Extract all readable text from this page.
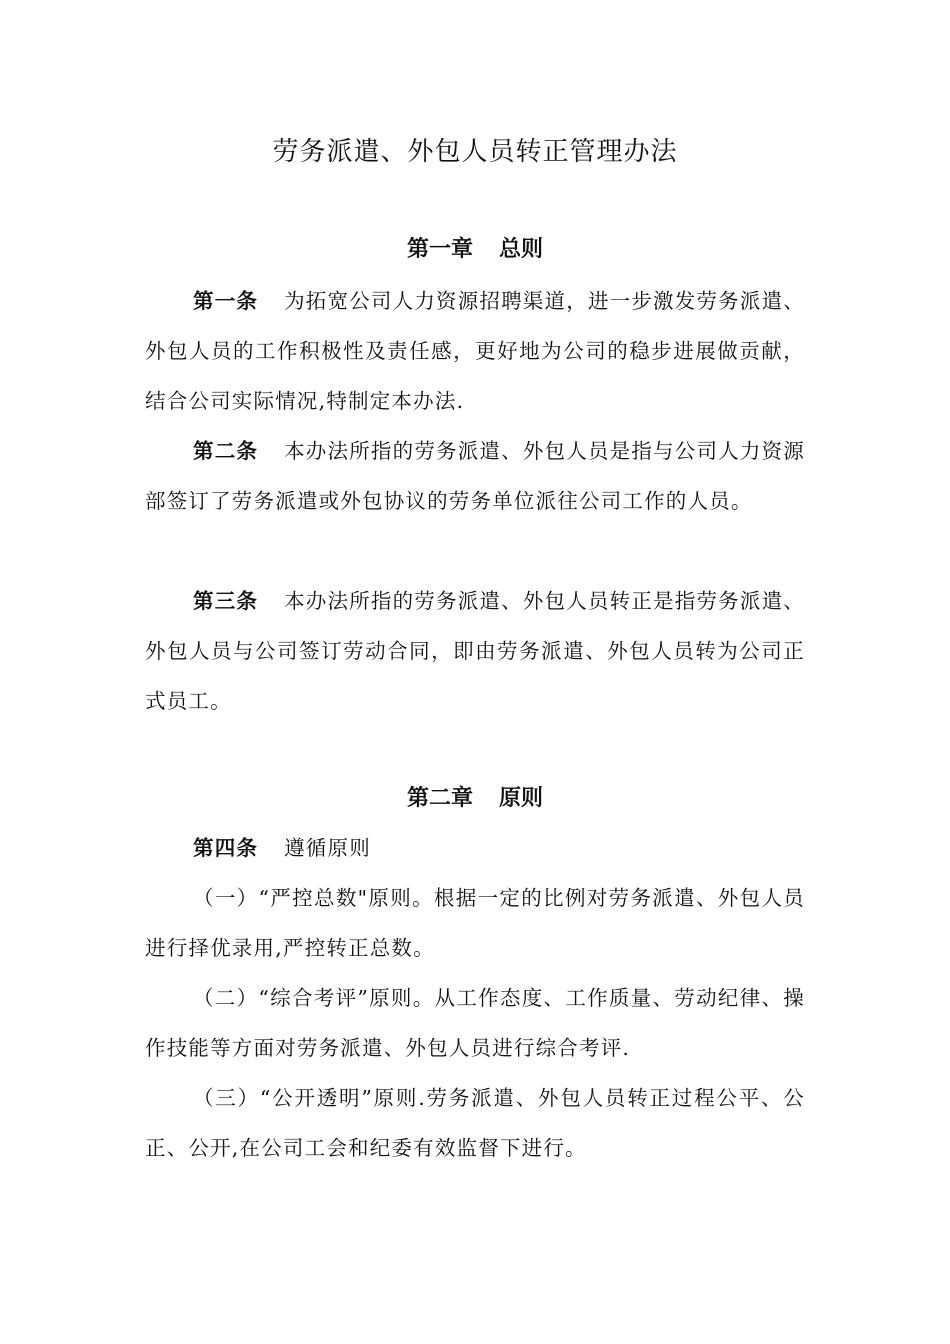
劳务派遣、外包人员转正管理办法
第一章 总则
第一条 为拓宽公司人力资源招聘渠道，进一步激发劳务派遣、外包人员的工作积极性及责任感，更好地为公司的稳步进展做贡献，结合公司实际情况,特制定本办法.
第二条 本办法所指的劳务派遣、外包人员是指与公司人力资源部签订了劳务派遣或外包协议的劳务单位派往公司工作的人员。
第三条 本办法所指的劳务派遣、外包人员转正是指劳务派遣、外包人员与公司签订劳动合同，即由劳务派遣、外包人员转为公司正式员工。
第二章 原则
第四条 遵循原则
（一）“严控总数"原则。根据一定的比例对劳务派遣、外包人员进行择优录用,严控转正总数。
（二）“综合考评”原则。从工作态度、工作质量、劳动纪律、操作技能等方面对劳务派遣、外包人员进行综合考评.
（三）“公开透明”原则.劳务派遣、外包人员转正过程公平、公正、公开,在公司工会和纪委有效监督下进行。
